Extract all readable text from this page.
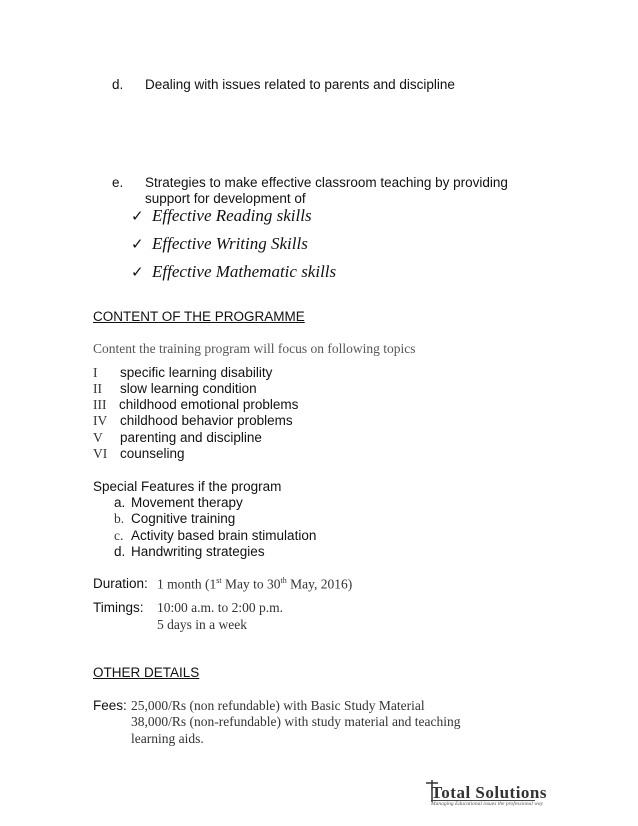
d. Dealing with issues related to parents and discipline
e. Strategies to make effective classroom teaching by providing
support for development of
✓ Effective Reading skills
✓ Effective Writing Skills
✓ Effective Mathematic skills
CONTENT OF THE PROGRAMME
Content the training program will focus on following topics
I specific learning disability
II slow learning condition
III childhood emotional problems
IV childhood behavior problems
V parenting and discipline
VI counseling
Special Features if the program
a. Movement therapy
b. Cognitive training
c. Activity based brain stimulation
d. Handwriting strategies
Duration: 1 month (1st May to 30th May, 2016)
Timings: 10:00 a.m. to 2:00 p.m.
5 days in a week
OTHER DETAILS
Fees: 25,000/Rs (non refundable) with Basic Study Material
38,000/Rs (non-refundable) with study material and teaching
learning aids.
Total Solutions
Managing Educational issues the professional way
